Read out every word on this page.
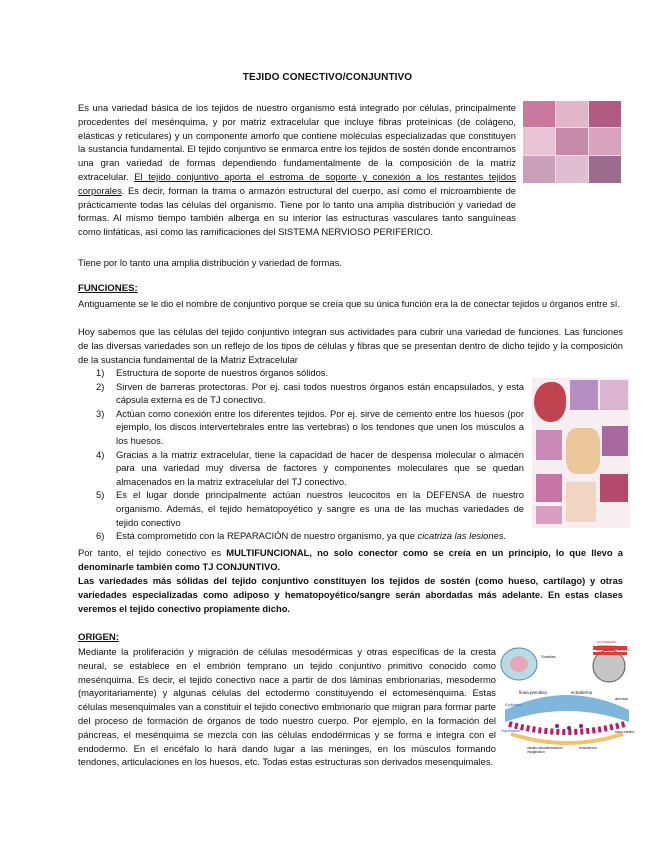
TEJIDO CONECTIVO/CONJUNTIVO

Es una variedad básica de los tejidos de nuestro organismo está integrado por células, principalmente procedentes del mesénquima, y por matriz extracelular que incluye fibras proteínicas (de colágeno, elásticas y reticulares) y un componente amorfo que contiene moléculas especializadas que constituyen la sustancia fundamental. El tejido conjuntivo se enmarca entre los tejidos de sostén donde encontramos una gran variedad de formas dependiendo fundamentalmente de la composición de la matriz extracelular. El tejido conjuntivo aporta el estroma de soporte y conexión a los restantes tejidos corporales. Es decir, forman la trama o armazón estructural del cuerpo, así como el microambiente de prácticamente todas las células del organismo. Tiene por lo tanto una amplia distribución y variedad de formas. Al mismo tiempo también alberga en su interior las estructuras vasculares tanto sanguíneas como linfáticas, así como las ramificaciones del SISTEMA NERVIOSO PERIFERICO.

Tiene por lo tanto una amplia distribución y variedad de formas.

FUNCIONES:

Antiguamente se le dio el nombre de conjuntivo porque se creía que su única función era la de conectar tejidos u órganos entre sí.

Hoy sabemos que las células del tejido conjuntivo integran sus actividades para cubrir una variedad de funciones. Las funciones de las diversas variedades son un reflejo de los tipos de células y fibras que se presentan dentro de dicho tejido y la composición de la sustancia fundamental de la Matriz Extracelular

1) Estructura de soporte de nuestros órganos sólidos.
2) Sirven de barreras protectoras. Por ej. casi todos nuestros órganos están encapsulados, y esta cápsula externa es de TJ conectivo.
3) Actúan como conexión entre los diferentes tejidos. Por ej. sirve de cemento entre los huesos (por ejemplo, los discos intervertebrales entre las vertebras) o los tendones que unen los músculos a los huesos.
4) Gracias a la matriz extracelular, tiene la capacidad de hacer de despensa molecular o almacén para una variedad muy diversa de factores y componentes moleculares que se quedan almacenados en la matriz extracelular del TJ conectivo.
5) Es el lugar donde principalmente actúan nuestros leucocitos en la DEFENSA de nuestro organismo. Además, el tejido hematopoyético y sangre es una de las muchas variedades de tejido conectivo
6) Está comprometido con la REPARACIÓN de nuestro organismo, ya que cicatriza las lesiones.

Por tanto, el tejido conectivo es MULTIFUNCIONAL, no solo conector como se creía en un principio, lo que llevo a denominarle también como TJ CONJUNTIVO.

Las variedades más sólidas del tejido conjuntivo constituyen los tejidos de sostén (como hueso, cartílago) y otras variedades especializadas como adiposo y hematopoyético/sangre serán abordadas más adelante. En estas clases veremos el tejido conectivo propiamente dicho.

ORIGEN:	ECTODERMO SUPERFICIAL
ECTODERMO NEURAL
Somitas
línea primitiva	ectodermo
amnios
Epiblasto
Hipoblasto
células mesodérmicas en invaginación
endodermo
saco vitelino

Mediante la proliferación y migración de células mesodérmicas y otras específicas de la cresta neural, se establece en el embrión temprano un tejido conjuntivo primitivo conocido como mesénquima. Es decir, el tejido conectivo nace a partir de dos láminas embrionarias, mesodermo (mayoritariamente) y algunas células del ectodermo constituyendo el ectomesénquima. Estas células mesenquimales van a constituir el tejido conectivo embrionario que migran para formar parte del proceso de formación de órganos de todo nuestro cuerpo. Por ejemplo, en la formación del páncreas, el mesénquima se mezcla con las células endodérmicas y se forma e integra con el endodermo. En el encéfalo lo hará dando lugar a las meninges, en los músculos formando tendones, articulaciones en los huesos, etc. Todas estas estructuras son derivados mesenquimales.
